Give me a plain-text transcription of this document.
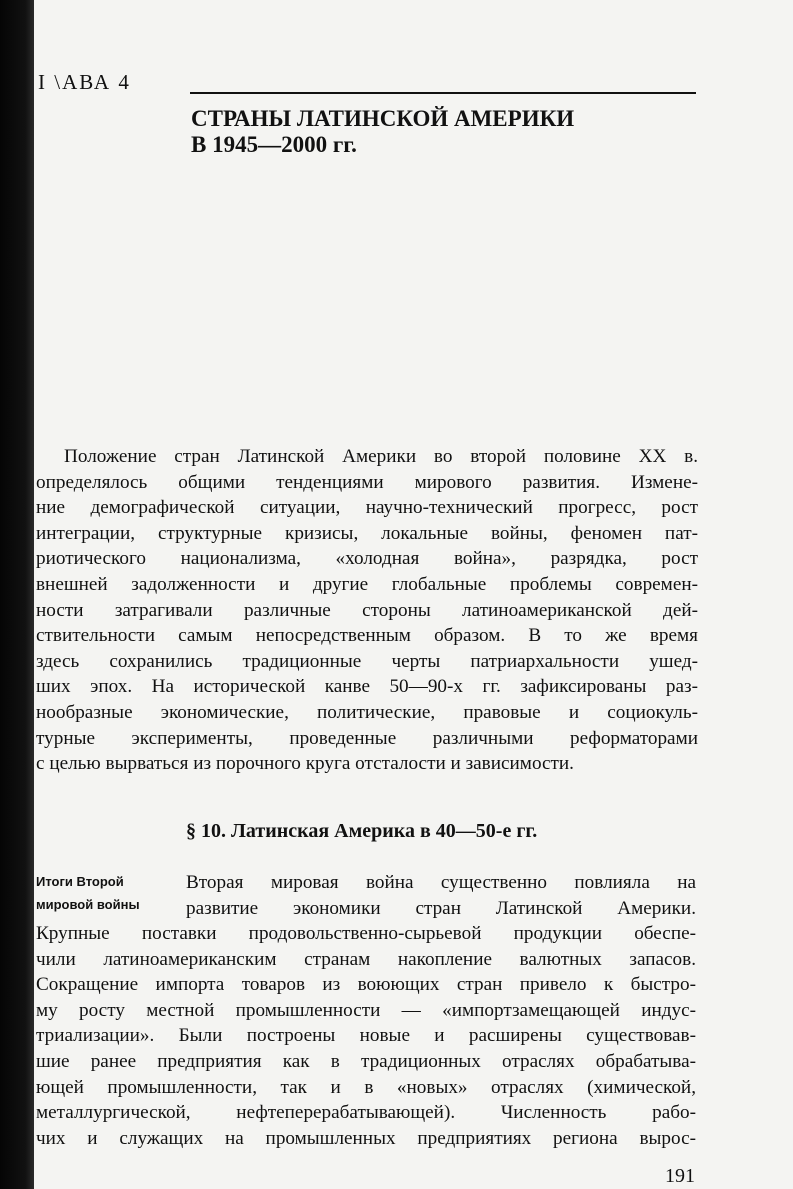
I \АВА 4
СТРАНЫ ЛАТИНСКОЙ АМЕРИКИ
В 1945—2000 гг.
Положение стран Латинской Америки во второй половине XX в.
определялось общими тенденциями мирового развития. Измене-
ние демографической ситуации, научно-технический прогресс, рост
интеграции, структурные кризисы, локальные войны, феномен пат-
риотического национализма, «холодная война», разрядка, рост
внешней задолженности и другие глобальные проблемы современ-
ности затрагивали различные стороны латиноамериканской дей-
ствительности самым непосредственным образом. В то же время
здесь сохранились традиционные черты патриархальности ушед-
ших эпох. На исторической канве 50—90-х гг. зафиксированы раз-
нообразные экономические, политические, правовые и социокуль-
турные эксперименты, проведенные различными реформаторами
с целью вырваться из порочного круга отсталости и зависимости.
§ 10. Латинская Америка в 40—50-е гг.
Итоги Второй
мировой войны
Вторая мировая война существенно повлияла на
развитие экономики стран Латинской Америки.
Крупные поставки продовольственно-сырьевой продукции обеспе-
чили латиноамериканским странам накопление валютных запасов.
Сокращение импорта товаров из воюющих стран привело к быстро-
му росту местной промышленности — «импортзамещающей индус-
триализации». Были построены новые и расширены существовав-
шие ранее предприятия как в традиционных отраслях обрабатыва-
ющей промышленности, так и в «новых» отраслях (химической,
металлургической, нефтеперерабатывающей). Численность рабо-
чих и служащих на промышленных предприятиях региона вырос-
191
